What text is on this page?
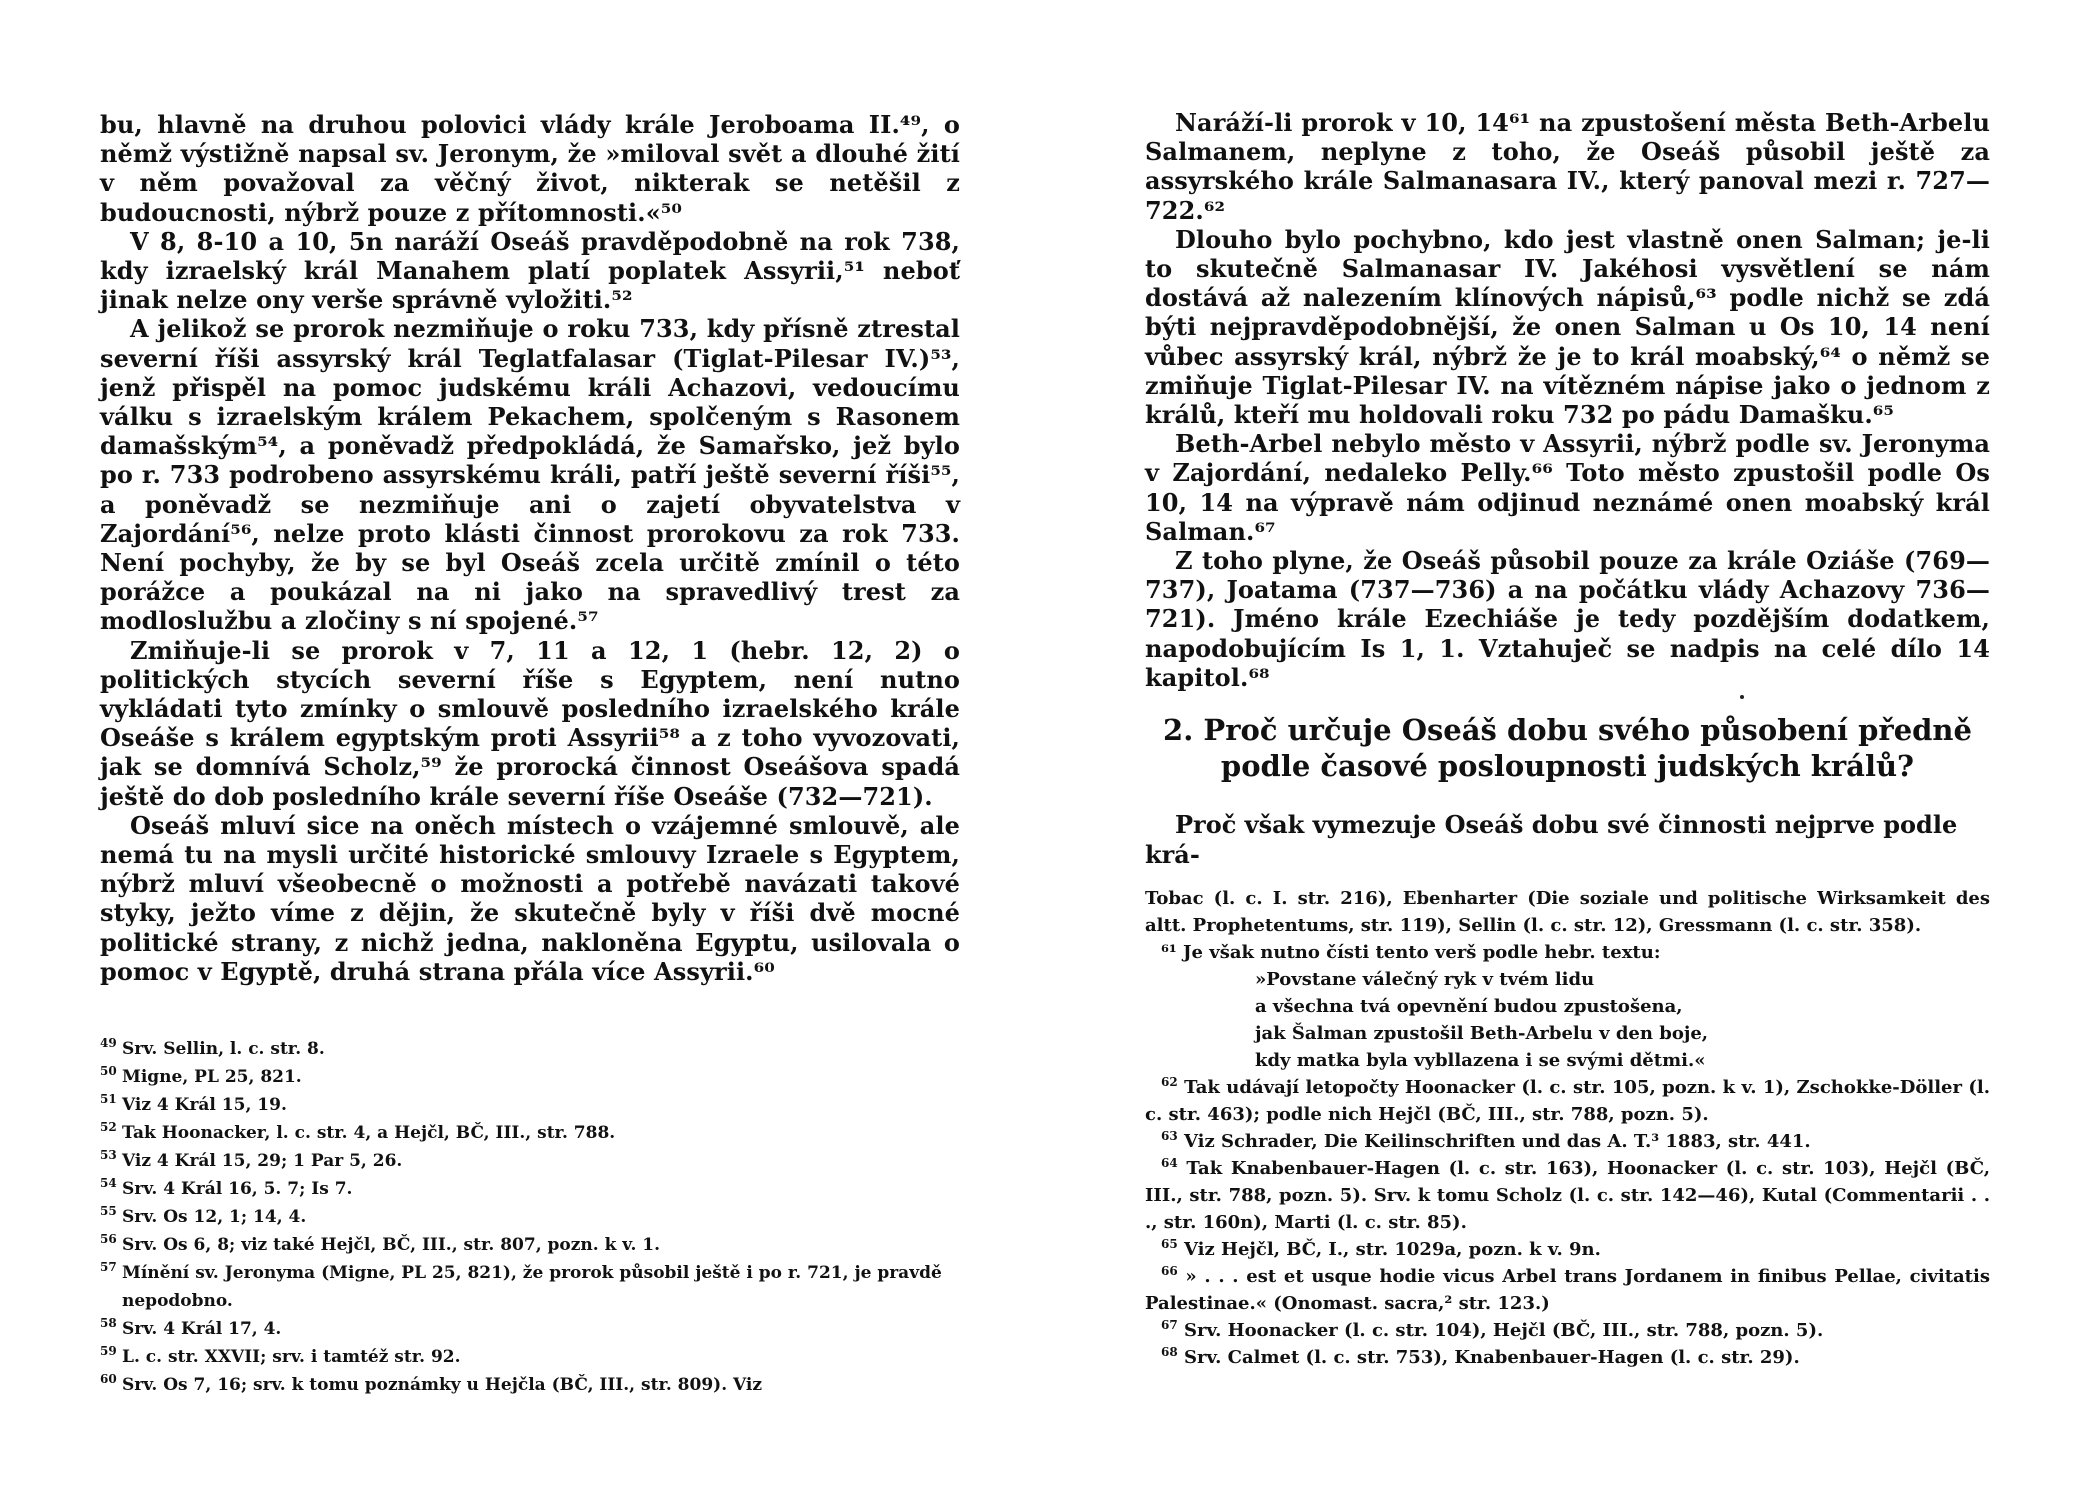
bu, hlavně na druhou polovici vlády krále Jeroboama II.⁴⁹, o němž výstižně napsal sv. Jeronym, že »miloval svět a dlouhé žití v něm považoval za věčný život, nikterak se netěšil z budoucnosti, nýbrž pouze z přítomnosti.«⁵⁰

V 8, 8-10 a 10, 5n naráží Oseáš pravděpodobně na rok 738, kdy izraelský král Manahem platí poplatek Assyrii,⁵¹ neboť jinak nelze ony verše správně vyložiti.⁵²

A jelikož se prorok nezmiňuje o roku 733, kdy přísně ztrestal severní říši assyrský král Teglatfalasar (Tiglat-Pilesar IV.)⁵³, jenž přispěl na pomoc judskému králi Achazovi, vedoucímu válku s izraelským králem Pekachem, spolčeným s Rasonem damašským⁵⁴, a poněvadž předpokládá, že Samařsko, jež bylo po r. 733 podrobeno assyrskému králi, patří ještě severní říši⁵⁵, a poněvadž se nezmiňuje ani o zajetí obyvatelstva v Zajordání⁵⁶, nelze proto klásti činnost prorokovu za rok 733. Není pochyby, že by se byl Oseáš zcela určitě zmínil o této porážce a poukázal na ni jako na spravedlivý trest za modloslužbu a zločiny s ní spojené.⁵⁷

Zmiňuje-li se prorok v 7, 11 a 12, 1 (hebr. 12, 2) o politických stycích severní říše s Egyptem, není nutno vykládati tyto zmínky o smlouvě posledního izraelského krále Oseáše s králem egyptským proti Assyrii⁵⁸ a z toho vyvozovati, jak se domnívá Scholz,⁵⁹ že prorocká činnost Oseášova spadá ještě do dob posledního krále severní říše Oseáše (732—721).

Oseáš mluví sice na oněch místech o vzájemné smlouvě, ale nemá tu na mysli určité historické smlouvy Izraele s Egyptem, nýbrž mluví všeobecně o možnosti a potřebě navázati takové styky, ježto víme z dějin, že skutečně byly v říši dvě mocné politické strany, z nichž jedna, nakloněna Egyptu, usilovala o pomoc v Egyptě, druhá strana přála více Assyrii.⁶⁰

49 Srv. Sellin, l. c. str. 8.

50 Migne, PL 25, 821.

51 Viz 4 Král 15, 19.

52 Tak Hoonacker, l. c. str. 4, a Hejčl, BČ, III., str. 788.

53 Viz 4 Král 15, 29; 1 Par 5, 26.

54 Srv. 4 Král 16, 5. 7; Is 7.

55 Srv. Os 12, 1; 14, 4.

56 Srv. Os 6, 8; viz také Hejčl, BČ, III., str. 807, pozn. k v. 1.

57 Mínění sv. Jeronyma (Migne, PL 25, 821), že prorok působil ještě i po r. 721, je pravdě nepodobno.

58 Srv. 4 Král 17, 4.

59 L. c. str. XXVII; srv. i tamtéž str. 92.

60 Srv. Os 7, 16; srv. k tomu poznámky u Hejčla (BČ, III., str. 809). Viz

Naráží-li prorok v 10, 14⁶¹ na zpustošení města Beth-Arbelu Salmanem, neplyne z toho, že Oseáš působil ještě za assyrského krále Salmanasara IV., který panoval mezi r. 727—722.⁶²

Dlouho bylo pochybno, kdo jest vlastně onen Salman; je-li to skutečně Salmanasar IV. Jakéhosi vysvětlení se nám dostává až nalezením klínových nápisů,⁶³ podle nichž se zdá býti nejpravděpodobnější, že onen Salman u Os 10, 14 není vůbec assyrský král, nýbrž že je to král moabský,⁶⁴ o němž se zmiňuje Tiglat-Pilesar IV. na vítězném nápise jako o jednom z králů, kteří mu holdovali roku 732 po pádu Damašku.⁶⁵

Beth-Arbel nebylo město v Assyrii, nýbrž podle sv. Jeronyma v Zajordání, nedaleko Pelly.⁶⁶ Toto město zpustošil podle Os 10, 14 na výpravě nám odjinud neznámé onen moabský král Salman.⁶⁷

Z toho plyne, že Oseáš působil pouze za krále Oziáše (769—737), Joatama (737—736) a na počátku vlády Achazovy 736—721). Jméno krále Ezechiáše je tedy pozdějším dodatkem, napodobujícím Is 1, 1. Vztahuječ se nadpis na celé dílo 14 kapitol.⁶⁸

2. Proč určuje Oseáš dobu svého působení předně podle časové posloupnosti judských králů?
Proč však vymezuje Oseáš dobu své činnosti nejprve podle krá-

Tobac (l. c. I. str. 216), Ebenharter (Die soziale und politische Wirksamkeit des altt. Prophetentums, str. 119), Sellin (l. c. str. 12), Gressmann (l. c. str. 358).

⁶¹ Je však nutno čísti tento verš podle hebr. textu:

»Povstane válečný ryk v tvém lidu

a všechna tvá opevnění budou zpustošena,

jak Šalman zpustošil Beth-Arbelu v den boje,

kdy matka byla vybllazena i se svými dětmi.«

$^{62}$ Tak udávají letopočty Hoonacker (l. c. str. 105, pozn. k v. 1), Zschokke-Döller (l. c. str. 463); podle nich Hejčl (BČ, III., str. 788, pozn. 5).

$^{63}$ Viz Schrader, Die Keilinschriften und das A. T.³ 1883, str. 441.

$^{64}$ Tak Knabenbauer-Hagen (l. c. str. 163), Hoonacker (l. c. str. 103), Hejčl (BČ, III., str. 788, pozn. 5). Srv. k tomu Scholz (l. c. str. 142—46), Kutal (Commentarii . . ., str. 160n), Marti (l. c. str. 85).

$^{65}$ Viz Hejčl, BČ, I., str. 1029a, pozn. k v. 9n.

$^{66}$ » . . . est et usque hodie vicus Arbel trans Jordanem in finibus Pellae, civitatis Palestinae.« (Onomast. sacra,² str. 123.)

$^{67}$ Srv. Hoonacker (l. c. str. 104), Hejčl (BČ, III., str. 788, pozn. 5).

$^{68}$ Srv. Calmet (l. c. str. 753), Knabenbauer-Hagen (l. c. str. 29).
